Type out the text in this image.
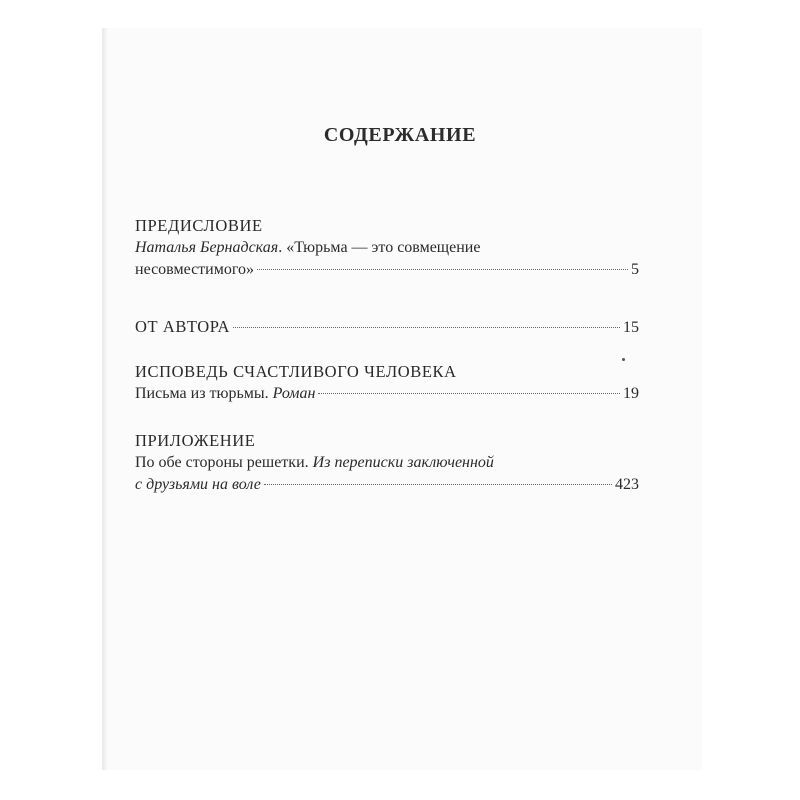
СОДЕРЖАНИЕ
ПРЕДИСЛОВИЕ
Наталья Бернадская. «Тюрьма — это совмещение
несовместимого»	5
ОТ АВТОРА	15
ИСПОВЕДЬ СЧАСТЛИВОГО ЧЕЛОВЕКА
Письма из тюрьмы. Роман	19
ПРИЛОЖЕНИЕ
По обе стороны решетки. Из переписки заключенной
с друзьями на воле	423
